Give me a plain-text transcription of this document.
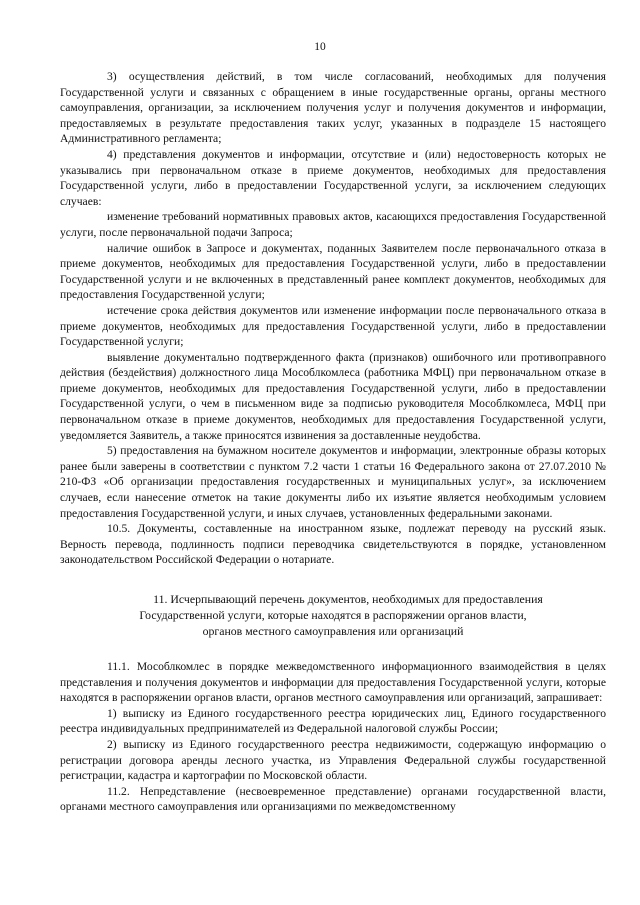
10

3) осуществления действий, в том числе согласований, необходимых для получения Государственной услуги и связанных с обращением в иные государственные органы, органы местного самоуправления, организации, за исключением получения услуг и получения документов и информации, предоставляемых в результате предоставления таких услуг, указанных в подразделе 15 настоящего Административного регламента;

4) представления документов и информации, отсутствие и (или) недостоверность которых не указывались при первоначальном отказе в приеме документов, необходимых для предоставления Государственной услуги, либо в предоставлении Государственной услуги, за исключением следующих случаев:

изменение требований нормативных правовых актов, касающихся предоставления Государственной услуги, после первоначальной подачи Запроса;

наличие ошибок в Запросе и документах, поданных Заявителем после первоначального отказа в приеме документов, необходимых для предоставления Государственной услуги, либо в предоставлении Государственной услуги и не включенных в представленный ранее комплект документов, необходимых для предоставления Государственной услуги;

истечение срока действия документов или изменение информации после первоначального отказа в приеме документов, необходимых для предоставления Государственной услуги, либо в предоставлении Государственной услуги;

выявление документально подтвержденного факта (признаков) ошибочного или противоправного действия (бездействия) должностного лица Мособлкомлеса (работника МФЦ) при первоначальном отказе в приеме документов, необходимых для предоставления Государственной услуги, либо в предоставлении Государственной услуги, о чем в письменном виде за подписью руководителя Мособлкомлеса, МФЦ при первоначальном отказе в приеме документов, необходимых для предоставления Государственной услуги, уведомляется Заявитель, а также приносятся извинения за доставленные неудобства.

5) предоставления на бумажном носителе документов и информации, электронные образы которых ранее были заверены в соответствии с пунктом 7.2 части 1 статьи 16 Федерального закона от 27.07.2010 № 210-ФЗ «Об организации предоставления государственных и муниципальных услуг», за исключением случаев, если нанесение отметок на такие документы либо их изъятие является необходимым условием предоставления Государственной услуги, и иных случаев, установленных федеральными законами.

10.5. Документы, составленные на иностранном языке, подлежат переводу на русский язык. Верность перевода, подлинность подписи переводчика свидетельствуются в порядке, установленном законодательством Российской Федерации о нотариате.

11. Исчерпывающий перечень документов, необходимых для предоставления
Государственной услуги, которые находятся в распоряжении органов власти,
органов местного самоуправления или организаций

11.1. Мособлкомлес в порядке межведомственного информационного взаимодействия в целях представления и получения документов и информации для предоставления Государственной услуги, которые находятся в распоряжении органов власти, органов местного самоуправления или организаций, запрашивает:

1) выписку из Единого государственного реестра юридических лиц, Единого государственного реестра индивидуальных предпринимателей из Федеральной налоговой службы России;

2) выписку из Единого государственного реестра недвижимости, содержащую информацию о регистрации договора аренды лесного участка, из Управления Федеральной службы государственной регистрации, кадастра и картографии по Московской области.

11.2. Непредставление (несвоевременное представление) органами государственной власти, органами местного самоуправления или организациями по межведомственному
